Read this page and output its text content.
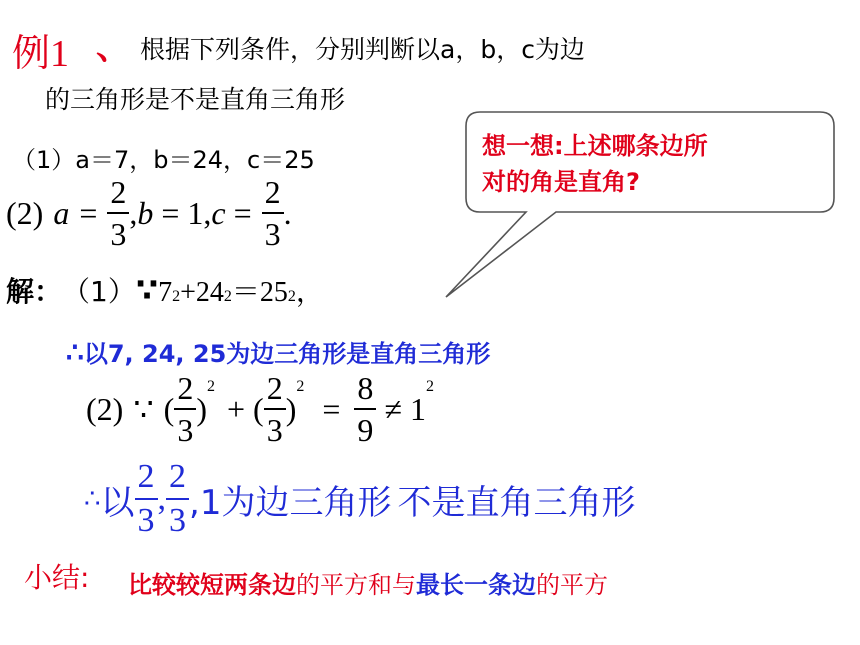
例1 、 根据下列条件，分别判断以a，b，c为边
的三角形是不是直角三角形
（1）a＝7，b＝24，c＝25
(2) $a = \frac{2}{3}$ , b = 1 , $c = \frac{2}{3}$ .
想一想:上述哪条边所
对的角是直角?
解： （1） ∵ 7 2 +24 $2 =25_2$ ，
∴ 以7, 24, 25为边三角形是直角三角形
(2) ∵ ( $\frac{2}{3}$ )
$^2$
+ ( $\frac{2}{3}$ )
$^2$
= $\frac{8}{9} \ne 1$
$^2$
∴ 以 $\frac{2}{3}$ , $\frac{2}{3} ,1$为边三角形 不是直角三角形
小结: 比较较短两条边 的平方和与 最长一条边 的平方
